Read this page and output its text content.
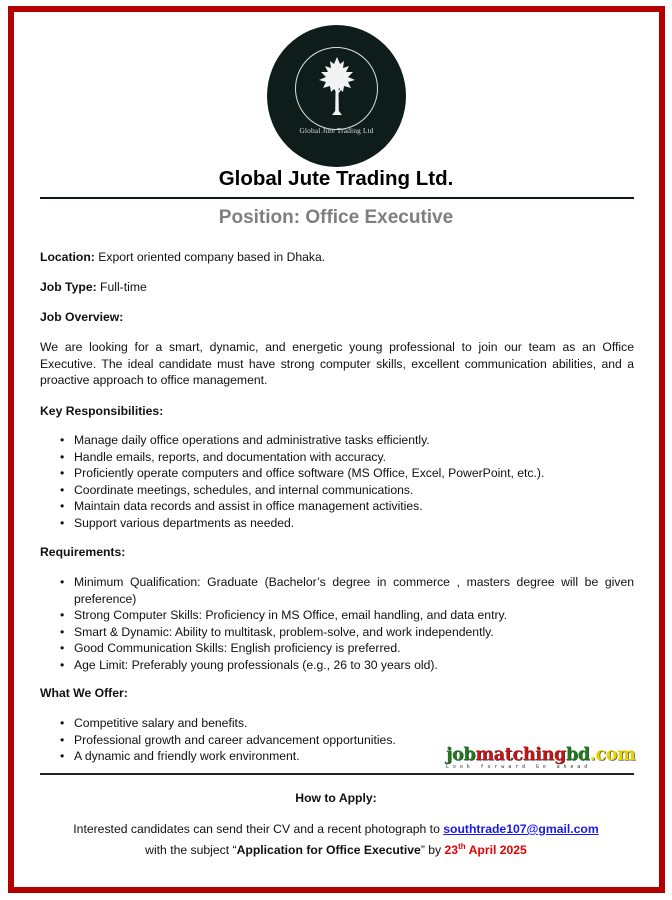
Global Jute Trading Ltd
Global Jute Trading Ltd.
Position: Office Executive
Location: Export oriented company based in Dhaka.
Job Type: Full-time
Job Overview:
We are looking for a smart, dynamic, and energetic young professional to join our team as an Office Executive. The ideal candidate must have strong computer skills, excellent communication abilities, and a proactive approach to office management.
Key Responsibilities:
• Manage daily office operations and administrative tasks efficiently.
• Handle emails, reports, and documentation with accuracy.
• Proficiently operate computers and office software (MS Office, Excel, PowerPoint, etc.).
• Coordinate meetings, schedules, and internal communications.
• Maintain data records and assist in office management activities.
• Support various departments as needed.
Requirements:
• Minimum Qualification: Graduate (Bachelor’s degree in commerce , masters degree will be given preference)
• Strong Computer Skills: Proficiency in MS Office, email handling, and data entry.
• Smart & Dynamic: Ability to multitask, problem-solve, and work independently.
• Good Communication Skills: English proficiency is preferred.
• Age Limit: Preferably young professionals (e.g., 26 to 30 years old).
What We Offer:
• Competitive salary and benefits.
• Professional growth and career advancement opportunities.
• A dynamic and friendly work environment.	jobmatchingbd.com
Look forward Go ahead
How to Apply:
Interested candidates can send their CV and a recent photograph to southtrade107@gmail.com
with the subject “Application for Office Executive” by 23th April 2025
